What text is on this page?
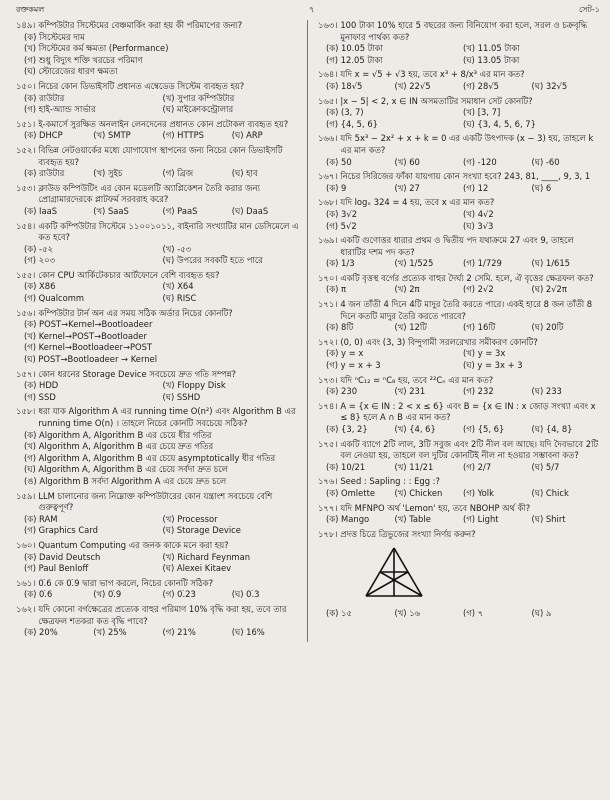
রক্তকমল	৭	সেট-১
১৪৯। কম্পিউটার সিস্টেমের বেঞ্চমার্কিং করা হয় কী পরিমাপের জন্য?
(ক) সিস্টেমের দাম
(খ) সিস্টেমের কর্ম ক্ষমতা (Performance)
(গ) শুধু বিদ্যুৎ শক্তি খরচের পরিমাণ
(ঘ) স্টোরেজের ধারণ ক্ষমতা
১৫০। নিচের কোন ডিভাইসটি প্রধানত এম্বেডেড সিস্টেম ব্যবহৃত হয়?
(ক) রাউটার	(খ) সুপার কম্পিউটার
(গ) হাই-অ্যান্ড সার্ভার	(ঘ) মাইক্রোকন্ট্রোলার
১৫১। ই-কমার্সে সুরক্ষিত অনলাইন লেনদেনের প্রধানত কোন প্রটোকল ব্যবহৃত হয়?
(ক) DHCP	(খ) SMTP	(গ) HTTPS	(ঘ) ARP
১৫২। বিভিন্ন নেটওয়ার্কের মধ্যে যোগাযোগ স্থাপনের জন্য নিচের কোন ডিভাইসটি ব্যবহৃত হয়?
(ক) রাউটার	(খ) সুইচ	(গ) ব্রিজ	(ঘ) হাব
১৫৩। ক্লাউড কম্পিউটিং এর কোন মডেলটি অ্যাপ্লিকেশন তৈরি করার জন্য প্রোগ্রামারদেরকে প্লাটফর্ম সরবরাহ করে?
(ক) IaaS	(খ) SaaS	(গ) PaaS	(ঘ) DaaS
১৫৪। একটি কম্পিউটার সিস্টেমে ১১০০১০১১, বাইনারি সংখ্যাটির মান ডেসিমেলে এ কত হবে?
(ক) -৫২	(খ) -৫৩
(গ) ২০৩	(ঘ) উপরের সবকটি হতে পারে
১৫৫। কোন CPU আর্কিটেকচার আর্টফোনে বেশি ব্যবহৃত হয়?
(ক) X86	(খ) X64
(গ) Qualcomm	(ঘ) RISC
১৫৬। কম্পিউটার টার্ন অন এর সময় সঠিক অর্ডার নিচের কোনটি?
(ক) POST→Kernel→Bootloadeer
(খ) Kernel→POST→Bootloader
(গ) Kernel→Bootloadeer→POST
(ঘ) POST→Bootloadeer → Kernel
১৫৭। কোন ধরনের Storage Device সবচেয়ে দ্রুত গতি সম্পন্ন?
(ক) HDD	(খ) Floppy Disk
(গ) SSD	(ঘ) SSHD
১৫৮। ধরা যাক Algorithm A এর running time O(n²) এবং Algorithm B এর running time O(n) । তাহলে নিচের কোনটি সবচেয়ে সঠিক?
(ক) Algorithm A, Algorithm B এর চেয়ে ধীর গতির
(খ) Algorithm A, Algorithm B এর চেয়ে দ্রুত গতির
(গ) Algorithm A, Algorithm B এর চেয়ে asymptotically ধীর গতির
(ঘ) Algorithm A, Algorithm B এর চেয়ে সর্বদা দ্রুত চলে
(ঙ) Algorithm B সর্বদা Algorithm A এর চেয়ে দ্রুত চলে
১৫৯। LLM চালানোর জন্য নিম্নোক্ত কম্পিউটারের কোন যন্ত্রাংশ সবচেয়ে বেশি গুরুত্বপূর্ণ?
(ক) RAM	(খ) Processor
(গ) Graphics Card	(ঘ) Storage Device
১৬০। Quantum Computing এর জনক কাকে মনে করা হয়?
(ক) David Deutsch	(খ) Richard Feynman
(গ) Paul Benloff	(ঘ) Alexei Kitaev
১৬১। 0.̇6 কে 0.̇9 দ্বারা ভাগ করলে, নিচের কোনটি সঠিক?
(ক) 0.̇6	(খ) 0.̇9	(গ) 0.̇23	(ঘ) 0.̇3
১৬২। যদি কোনো বর্গক্ষেত্রের প্রত্যেক বাহুর পরিমাণ 10% বৃদ্ধি করা হয়, তবে তার ক্ষেত্রফল শতকরা কত বৃদ্ধি পাবে?
(ক) 20%	(খ) 25%	(গ) 21%	(ঘ) 16%
১৬৩। 100 টাকা 10% হারে 5 বছরের জন্য বিনিয়োগ করা হলে, সরল ও চক্রবৃদ্ধি মুনাফার পার্থক্য কত?
(ক) 10.05 টাকা	(খ) 11.05 টাকা
(গ) 12.05 টাকা	(ঘ) 13.05 টাকা
১৬৪। যদি x = √5 + √3 হয়, তবে x³ + 8/x³ এর মান কত?
(ক) 18√5	(খ) 22√5	(গ) 28√5	(ঘ) 32√5
১৬৫। |x − 5| < 2, x ∈ IN অসমতাটির সমাধান সেট কোনটি?
(ক) (3, 7)	(খ) [3, 7]
(গ) {4, 5, 6}	(ঘ) {3, 4, 5, 6, 7}
১৬৬। যদি 5x³ − 2x² + x + k = 0 এর একটি উৎপাদক (x − 3) হয়, তাহলে k এর মান কত?
(ক) 50	(খ) 60	(গ) -120	(ঘ) -60
১৬৭। নিচের সিরিজের ফাঁকা যায়গায় কোন সংখ্যা হবে? 243, 81, ____, 9, 3, 1
(ক) 9	(খ) 27	(গ) 12	(ঘ) 6
১৬৮। যদি logₓ 324 = 4 হয়, তবে x এর মান কত?
(ক) 3√2	(খ) 4√2
(গ) 5√2	(ঘ) 3√3
১৬৯। একটি গুণোত্তর ধারার প্রথম ও দ্বিতীয় পদ যথাক্রমে 27 এবং 9, তাহলে ধারাটির দশম পদ কত?
(ক) 1/3	(খ) 1/525	(গ) 1/729	(ঘ) 1/615
১৭০। একটি বৃত্তস্থ বর্গের প্রত্যেক বাহুর দৈর্ঘ্য 2 সেমি. হলে, ঐ বৃত্তের ক্ষেত্রফল কত?
(ক) π	(খ) 2π	(গ) 2√2	(ঘ) 2√2π
১৭১। 4 জন তাঁতী 4 দিনে 4টি মাদুর তৈরি করতে পারে। একই হারে 8 জন তাঁতী 8 দিনে কতটি মাদুর তৈরি করতে পারবে?
(ক) 8টি	(খ) 12টি	(গ) 16টি	(ঘ) 20টি
১৭২। (0, 0) এবং (3, 3) বিন্দুগামী সরলরেখার সমীকরণ কোনটি?
(ক) y = x	(খ) y = 3x
(গ) y = x + 3	(ঘ) y = 3x + 3
১৭৩। যদি ⁿC₁₂ = ⁿC₈ হয়, তবে ²²Cₙ এর মান কত?
(ক) 230	(খ) 231	(গ) 232	(ঘ) 233
১৭৪। A = {x ∈ IN : 2 < x ≤ 6} এবং B = {x ∈ IN : x জোড় সংখ্যা এবং x ≤ 8} হলে A ∩ B এর মান কত?
(ক) {3, 2}	(খ) {4, 6}	(গ) {5, 6}	(ঘ) {4, 8}
১৭৫। একটি ব্যাগে 2টি লাল, 3টি সবুজ এবং 2টি নীল বল আছে। যদি দৈবভাবে 2টি বল নেওয়া হয়, তাহলে বল দুটির কোনটিই নীল না হওয়ার সম্ভাবনা কত?
(ক) 10/21	(খ) 11/21	(গ) 2/7	(ঘ) 5/7
১৭৬। Seed : Sapling : : Egg :?
(ক) Omlette	(খ) Chicken	(গ) Yolk	(ঘ) Chick
১৭৭। যদি MFNPO অর্থ 'Lemon' হয়, তবে NBOHP অর্থ কী?
(ক) Mango	(খ) Table	(গ) Light	(ঘ) Shirt
১৭৮। প্রদত্ত চিত্রে ত্রিভুজের সংখ্যা নির্ণয় করুন?
(ক) ১৫	(খ) ১৬	(গ) ৭	(ঘ) ৯
